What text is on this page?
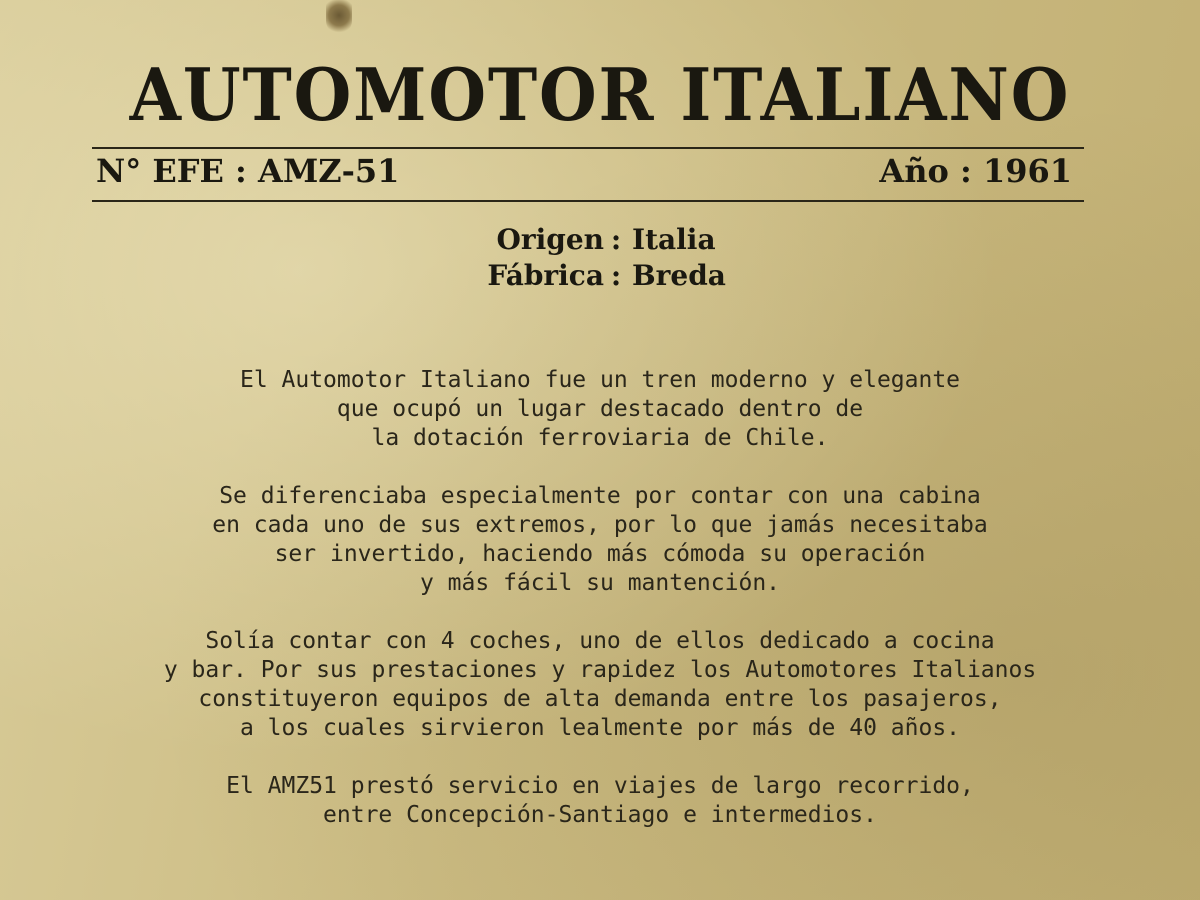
AUTOMOTOR ITALIANO
N° EFE : AMZ-51	Año : 1961
Origen : Italia
Fábrica : Breda
El Automotor Italiano fue un tren moderno y elegante
que ocupó un lugar destacado dentro de
la dotación ferroviaria de Chile.
Se diferenciaba especialmente por contar con una cabina
en cada uno de sus extremos, por lo que jamás necesitaba
ser invertido, haciendo más cómoda su operación
y más fácil su mantención.
Solía contar con 4 coches, uno de ellos dedicado a cocina
y bar. Por sus prestaciones y rapidez los Automotores Italianos
constituyeron equipos de alta demanda entre los pasajeros,
a los cuales sirvieron lealmente por más de 40 años.
El AMZ51 prestó servicio en viajes de largo recorrido,
entre Concepción-Santiago e intermedios.
